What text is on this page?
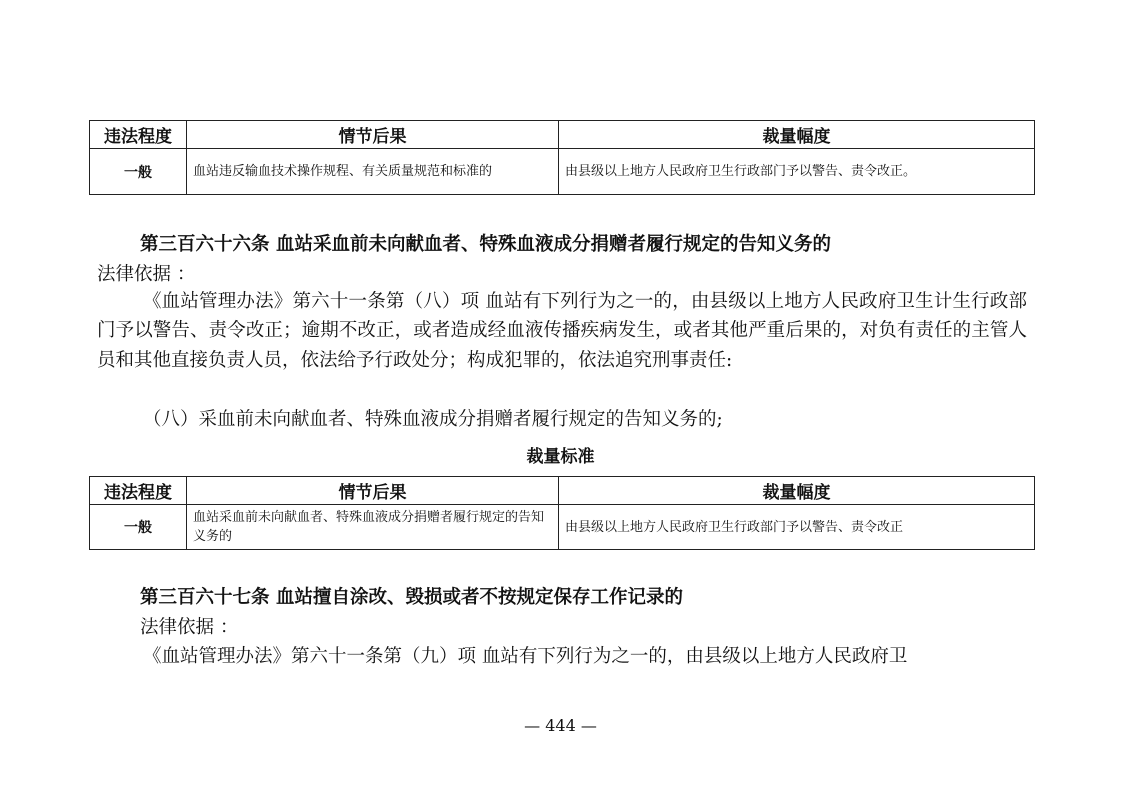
违法程度	情节后果	裁量幅度
一般	血站违反输血技术操作规程、有关质量规范和标准的	由县级以上地方人民政府卫生行政部门予以警告、责令改正。
第三百六十六条 血站采血前未向献血者、特殊血液成分捐赠者履行规定的告知义务的
法律依据 ：
《血站管理办法》第六十一条第（八）项 血站有下列行为之一的，由县级以上地方人民政府卫生计生行政部门予以警告、责令改正；逾期不改正，或者造成经血液传播疾病发生，或者其他严重后果的，对负有责任的主管人员和其他直接负责人员，依法给予行政处分；构成犯罪的，依法追究刑事责任:
（八）采血前未向献血者、特殊血液成分捐赠者履行规定的告知义务的;
裁量标准
违法程度	情节后果	裁量幅度
一般	血站采血前未向献血者、特殊血液成分捐赠者履行规定的告知义务的	由县级以上地方人民政府卫生行政部门予以警告、责令改正
第三百六十七条 血站擅自涂改、毁损或者不按规定保存工作记录的
法律依据 ：
《血站管理办法》第六十一条第（九）项 血站有下列行为之一的，由县级以上地方人民政府卫
— 444 —
